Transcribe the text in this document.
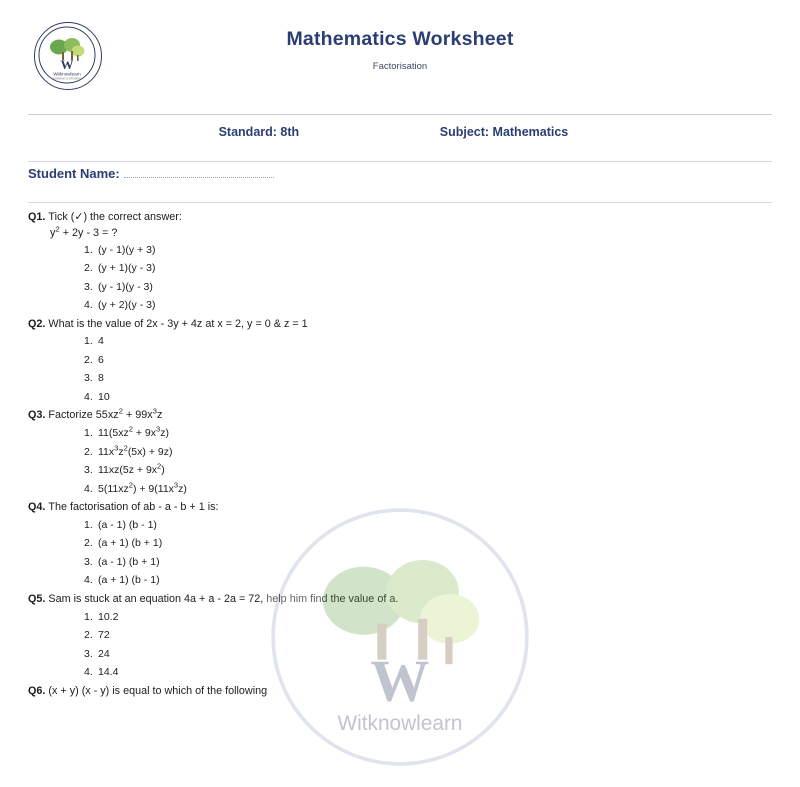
W
Witknowlearn
LEARNING IS GROWING
Mathematics Worksheet
Factorisation
Standard: 8th	Subject: Mathematics
Student Name:
Q1. Tick (✓) the correct answer:
$y^2 + 2y - 3$ = ?
1.(y - 1)(y + 3)
2.(y + 1)(y - 3)
3.(y - 1)(y - 3)
4.(y + 2)(y - 3)
Q2. What is the value of 2x - 3y + 4z at x = 2, y = 0 & z = 1
1.4
2.6
3.8
4.10
Q3. Factorize $55xz^2 + 99x^3z$
$1.11(5xz^2 + 9x^3z)$
$2.11x^3z^2(5x) + 9z$)
$3.11xz(5z + 9x^2)$
$4.5(11xz^2) + 9(11x^3z)$
Q4. The factorisation of ab - a - b + 1 is:
1.(a - 1) (b - 1)
2.(a + 1) (b + 1)
3.(a - 1) (b + 1)
4.(a + 1) (b - 1)
Q5. Sam is stuck at an equation 4a + a - 2a = 72, help him find the value of a.
1.10.2
2.72
3.24
4.14.4
Q6. (x + y) (x - y) is equal to which of the following	W
Witknowlearn
